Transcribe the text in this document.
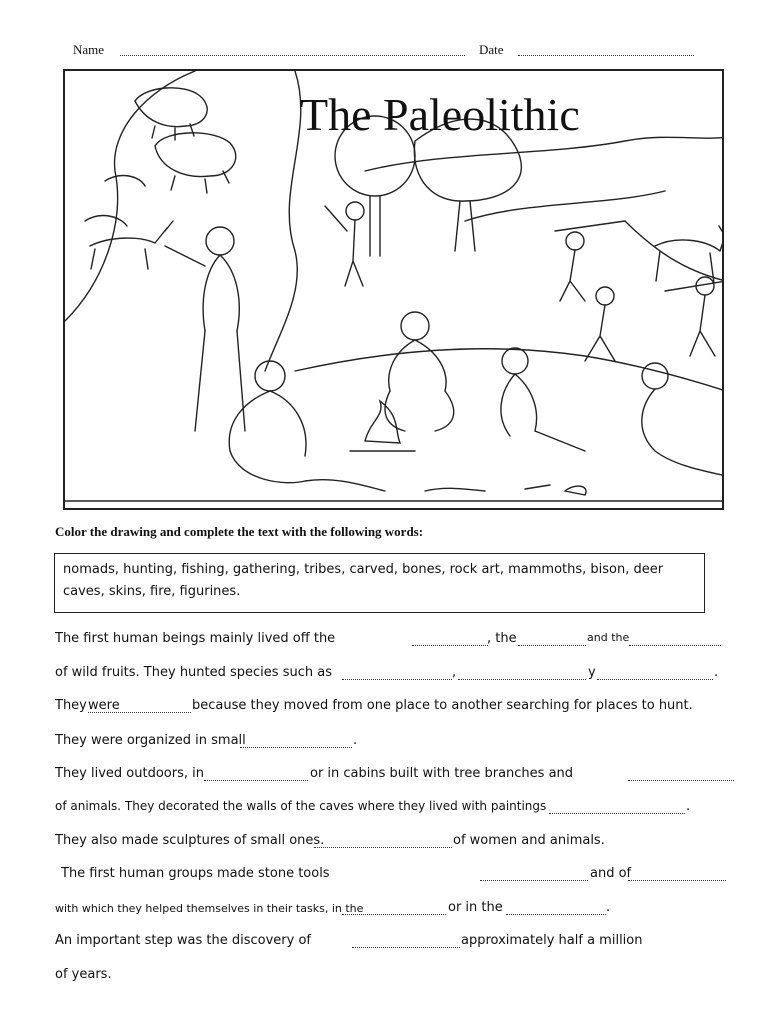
Name	Date
The Paleolithic
Color the drawing and complete the text with the following words:
nomads, hunting, fishing, gathering, tribes, carved, bones, rock art, mammoths, bison, deer
caves, skins, fire, figurines.
The first human beings mainly lived off the	, the	and the
of wild fruits. They hunted species such as	,	y	.
They were	because they moved from one place to another searching for places to hunt.
They were organized in small	.
They lived outdoors, in	or in cabins built with tree branches and
of animals. They decorated the walls of the caves where they lived with paintings	.
They also made sculptures of small ones.	of women and animals.
The first human groups made stone tools	and of
with which they helped themselves in their tasks, in the	or in the	.
An important step was the discovery of	approximately half a million
of years.
